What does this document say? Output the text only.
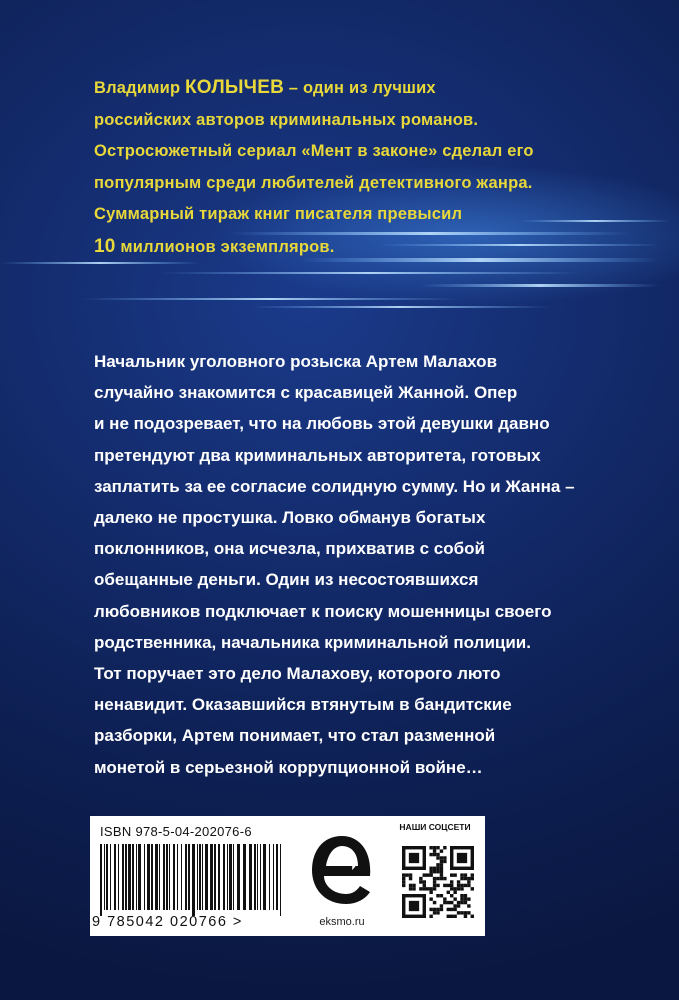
Владимир КОЛЫЧЕВ – один из лучших

российских авторов криминальных романов.

Остросюжетный сериал «Мент в законе» сделал его

популярным среди любителей детективного жанра.

Суммарный тираж книг писателя превысил

10 миллионов экземпляров.

Начальник уголовного розыска Артем Малахов

случайно знакомится с красавицей Жанной. Опер

и не подозревает, что на любовь этой девушки давно

претендуют два криминальных авторитета, готовых

заплатить за ее согласие солидную сумму. Но и Жанна –

далеко не простушка. Ловко обманув богатых

поклонников, она исчезла, прихватив с собой

обещанные деньги. Один из несостоявшихся

любовников подключает к поиску мошенницы своего

родственника, начальника криминальной полиции.

Тот поручает это дело Малахову, которого люто

ненавидит. Оказавшийся втянутым в бандитские

разборки, Артем понимает, что стал разменной

монетой в серьезной коррупционной войне…

ISBN 978-5-04-202076-6
9 785042 020766 >	eksmo.ru
НАШИ СОЦСЕТИ
